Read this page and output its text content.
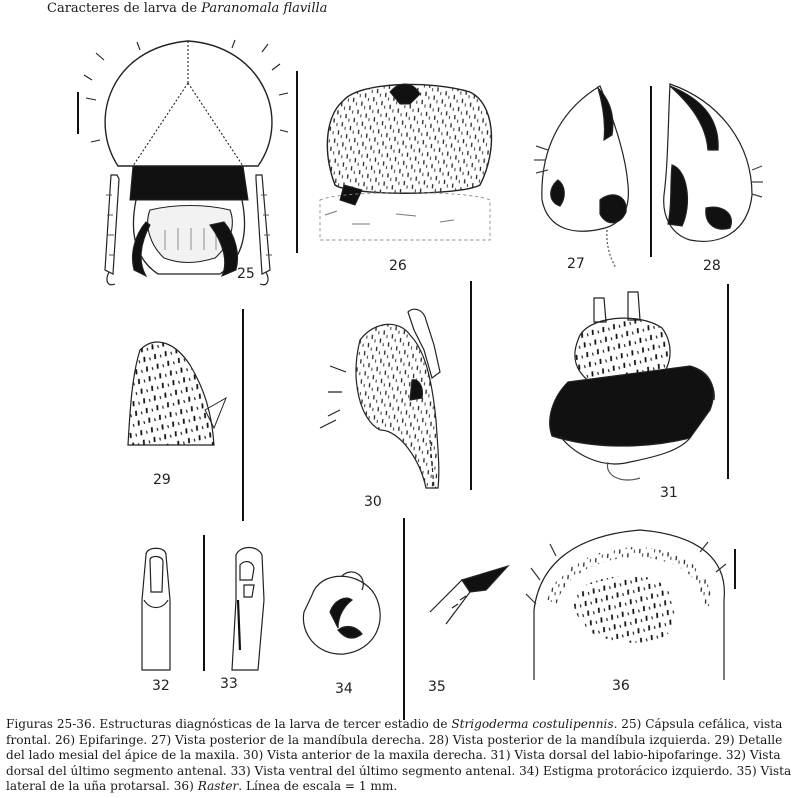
Caracteres de larva de Paranomala flavilla
25	26	27	28
29
30
31
32	33	34	35	36
Figuras 25-36. Estructuras diagnósticas de la larva de tercer estadio de Strigoderma costulipennis. 25) Cápsula cefálica, vista frontal. 26) Epifaringe. 27) Vista posterior de la mandíbula derecha. 28) Vista posterior de la mandíbula izquierda. 29) Detalle del lado mesial del ápice de la maxila. 30) Vista anterior de la maxila derecha. 31) Vista dorsal del labio-hipofaringe. 32) Vista dorsal del último segmento antenal. 33) Vista ventral del último segmento antenal. 34) Estigma protorácico izquierdo. 35) Vista lateral de la uña protarsal. 36) Raster. Línea de escala = 1 mm.
